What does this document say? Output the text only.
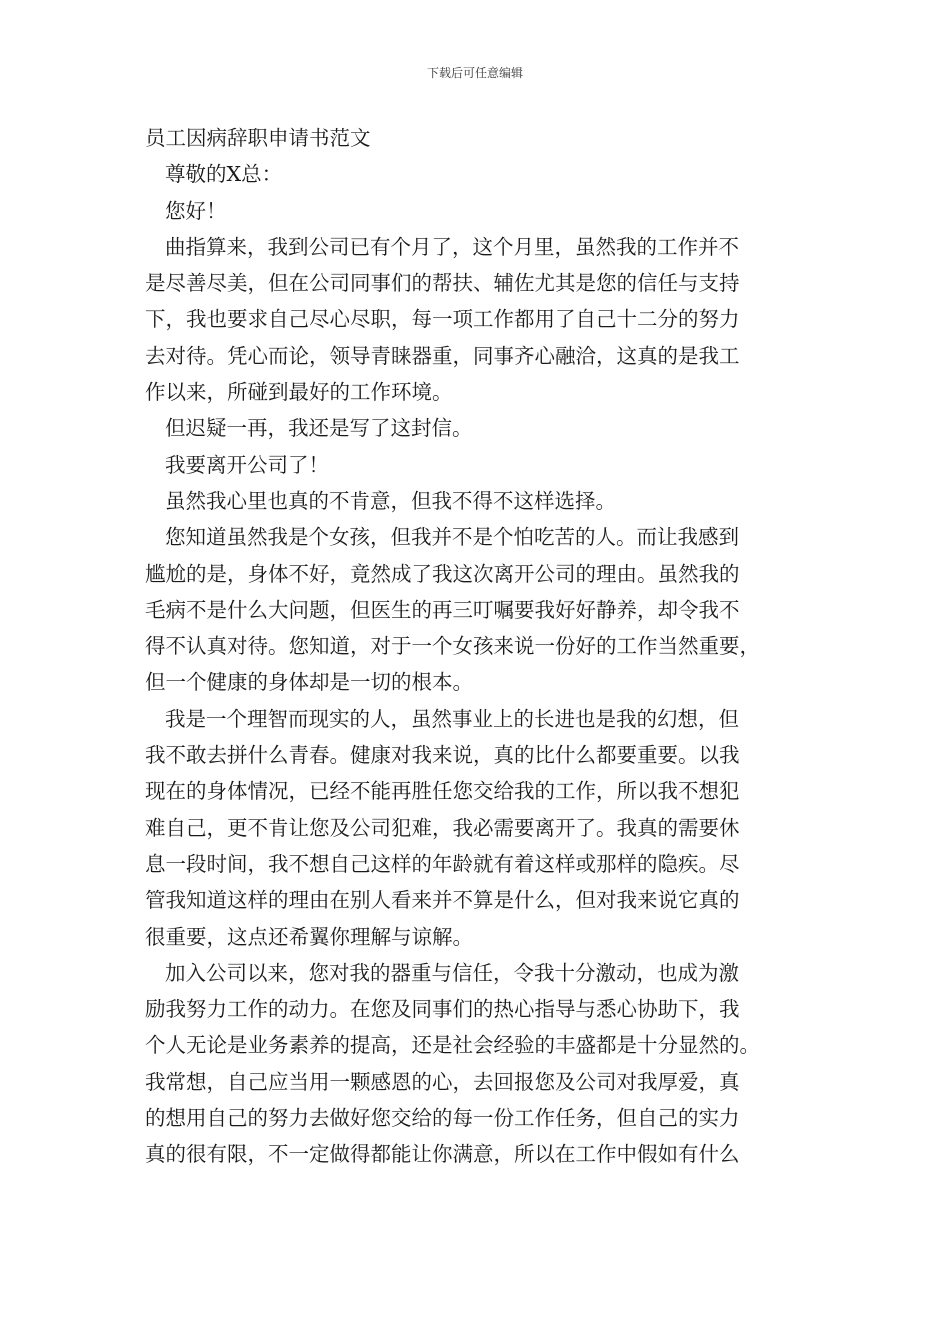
下载后可任意编辑

员工因病辞职申请书范文

尊敬的X总：

您好！

曲指算来，我到公司已有个月了，这个月里，虽然我的工作并不
是尽善尽美，但在公司同事们的帮扶、辅佐尤其是您的信任与支持
下，我也要求自己尽心尽职，每一项工作都用了自己十二分的努力
去对待。凭心而论，领导青睐器重，同事齐心融洽，这真的是我工
作以来，所碰到最好的工作环境。
但迟疑一再，我还是写了这封信。
我要离开公司了！
虽然我心里也真的不肯意，但我不得不这样选择。
您知道虽然我是个女孩，但我并不是个怕吃苦的人。而让我感到
尴尬的是，身体不好，竟然成了我这次离开公司的理由。虽然我的
毛病不是什么大问题，但医生的再三叮嘱要我好好静养，却令我不
得不认真对待。您知道，对于一个女孩来说一份好的工作当然重要，
但一个健康的身体却是一切的根本。
我是一个理智而现实的人，虽然事业上的长进也是我的幻想，但
我不敢去拼什么青春。健康对我来说，真的比什么都要重要。以我
现在的身体情况，已经不能再胜任您交给我的工作，所以我不想犯
难自己，更不肯让您及公司犯难，我必需要离开了。我真的需要休
息一段时间，我不想自己这样的年龄就有着这样或那样的隐疾。尽
管我知道这样的理由在别人看来并不算是什么，但对我来说它真的
很重要，这点还希翼你理解与谅解。
加入公司以来，您对我的器重与信任，令我十分激动，也成为激
励我努力工作的动力。在您及同事们的热心指导与悉心协助下，我
个人无论是业务素养的提高，还是社会经验的丰盛都是十分显然的。
我常想，自己应当用一颗感恩的心，去回报您及公司对我厚爱，真
的想用自己的努力去做好您交给的每一份工作任务，但自己的实力
真的很有限，不一定做得都能让你满意，所以在工作中假如有什么
